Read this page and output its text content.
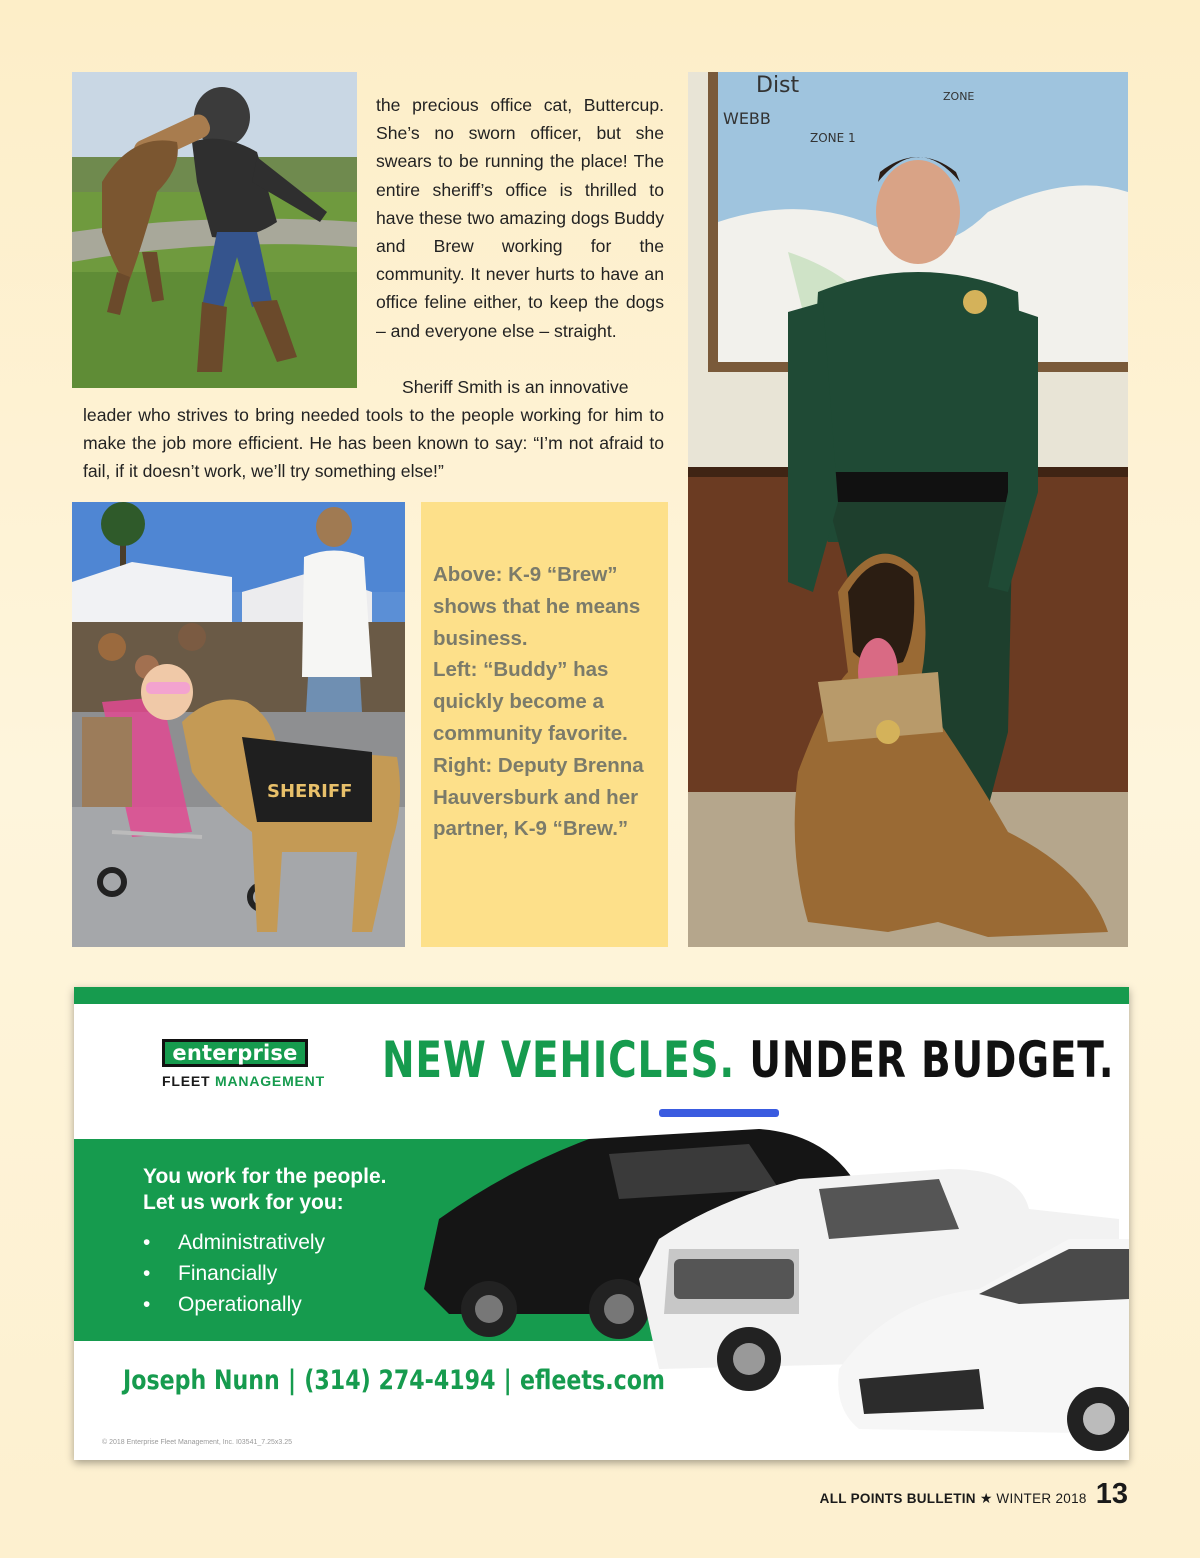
the precious office cat, Buttercup. She’s no sworn officer, but she swears to be running the place! The entire sheriff’s office is thrilled to have these two amazing dogs Buddy and Brew working for the community. It never hurts to have an office feline either, to keep the dogs – and everyone else – straight.

Sheriff Smith is an innovative

leader who strives to bring needed tools to the people working for him to make the job more efficient. He has been known to say: “I’m not afraid to fail, if it doesn’t work, we’ll try something else!”

SHERIFF

Above: K-9 “Brew” shows that he means business.

Left: “Buddy” has quickly become a community favorite.

Right: Deputy Brenna Hauversburk and her partner, K-9 “Brew.”

Dist
WEBB
ZONE 1
ZONE
enterprise
FLEET MANAGEMENT NEW VEHICLES. UNDER BUDGET.
You work for the people.
Let us work for you:
• Administratively
• Financially
• Operationally
Joseph Nunn | (314) 274-4194 | efleets.com
© 2018 Enterprise Fleet Management, Inc. I03541_7.25x3.25
ALL POINTS BULLETIN ★ WINTER 2018 13
